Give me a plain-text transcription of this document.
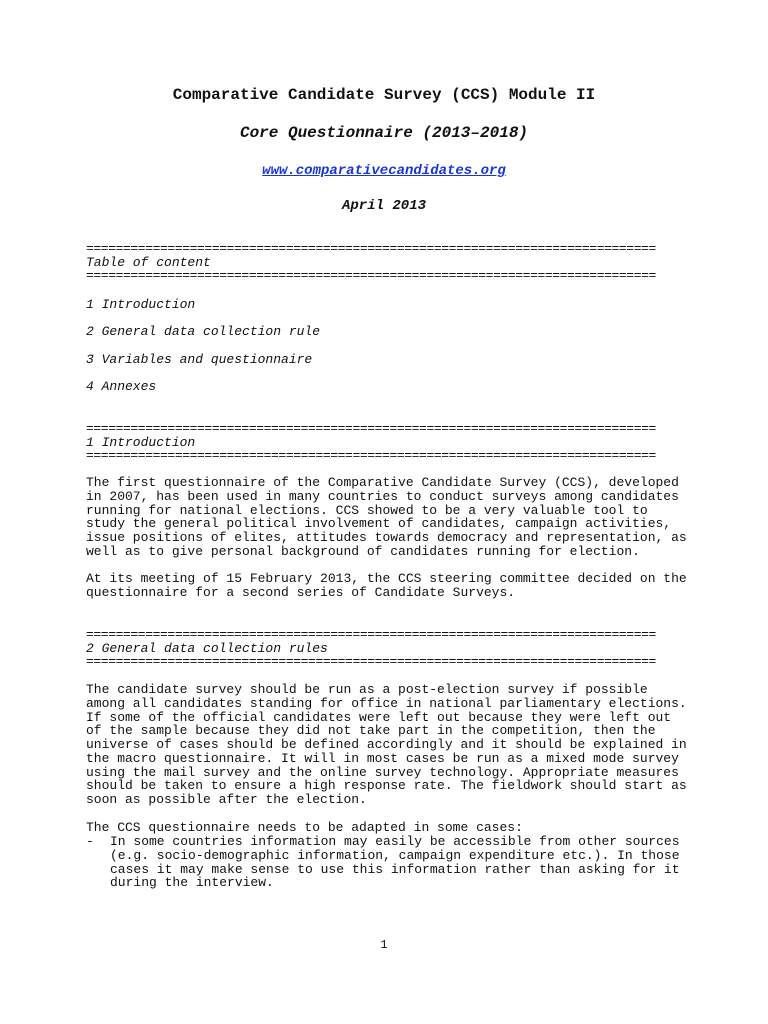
Comparative Candidate Survey (CCS) Module II
Core Questionnaire (2013–2018)
www.comparativecandidates.org
April 2013
=============================================================================
Table of content
=============================================================================
1 Introduction
2 General data collection rule
3 Variables and questionnaire
4 Annexes
=============================================================================
1 Introduction
=============================================================================
The first questionnaire of the Comparative Candidate Survey (CCS), developed
in 2007, has been used in many countries to conduct surveys among candidates
running for national elections. CCS showed to be a very valuable tool to
study the general political involvement of candidates, campaign activities,
issue positions of elites, attitudes towards democracy and representation, as
well as to give personal background of candidates running for election.
At its meeting of 15 February 2013, the CCS steering committee decided on the
questionnaire for a second series of Candidate Surveys.
=============================================================================
2 General data collection rules
=============================================================================
The candidate survey should be run as a post-election survey if possible
among all candidates standing for office in national parliamentary elections.
If some of the official candidates were left out because they were left out
of the sample because they did not take part in the competition, then the
universe of cases should be defined accordingly and it should be explained in
the macro questionnaire. It will in most cases be run as a mixed mode survey
using the mail survey and the online survey technology. Appropriate measures
should be taken to ensure a high response rate. The fieldwork should start as
soon as possible after the election.
The CCS questionnaire needs to be adapted in some cases:
-	In some countries information may easily be accessible from other sources
(e.g. socio-demographic information, campaign expenditure etc.). In those
cases it may make sense to use this information rather than asking for it
during the interview.
1
